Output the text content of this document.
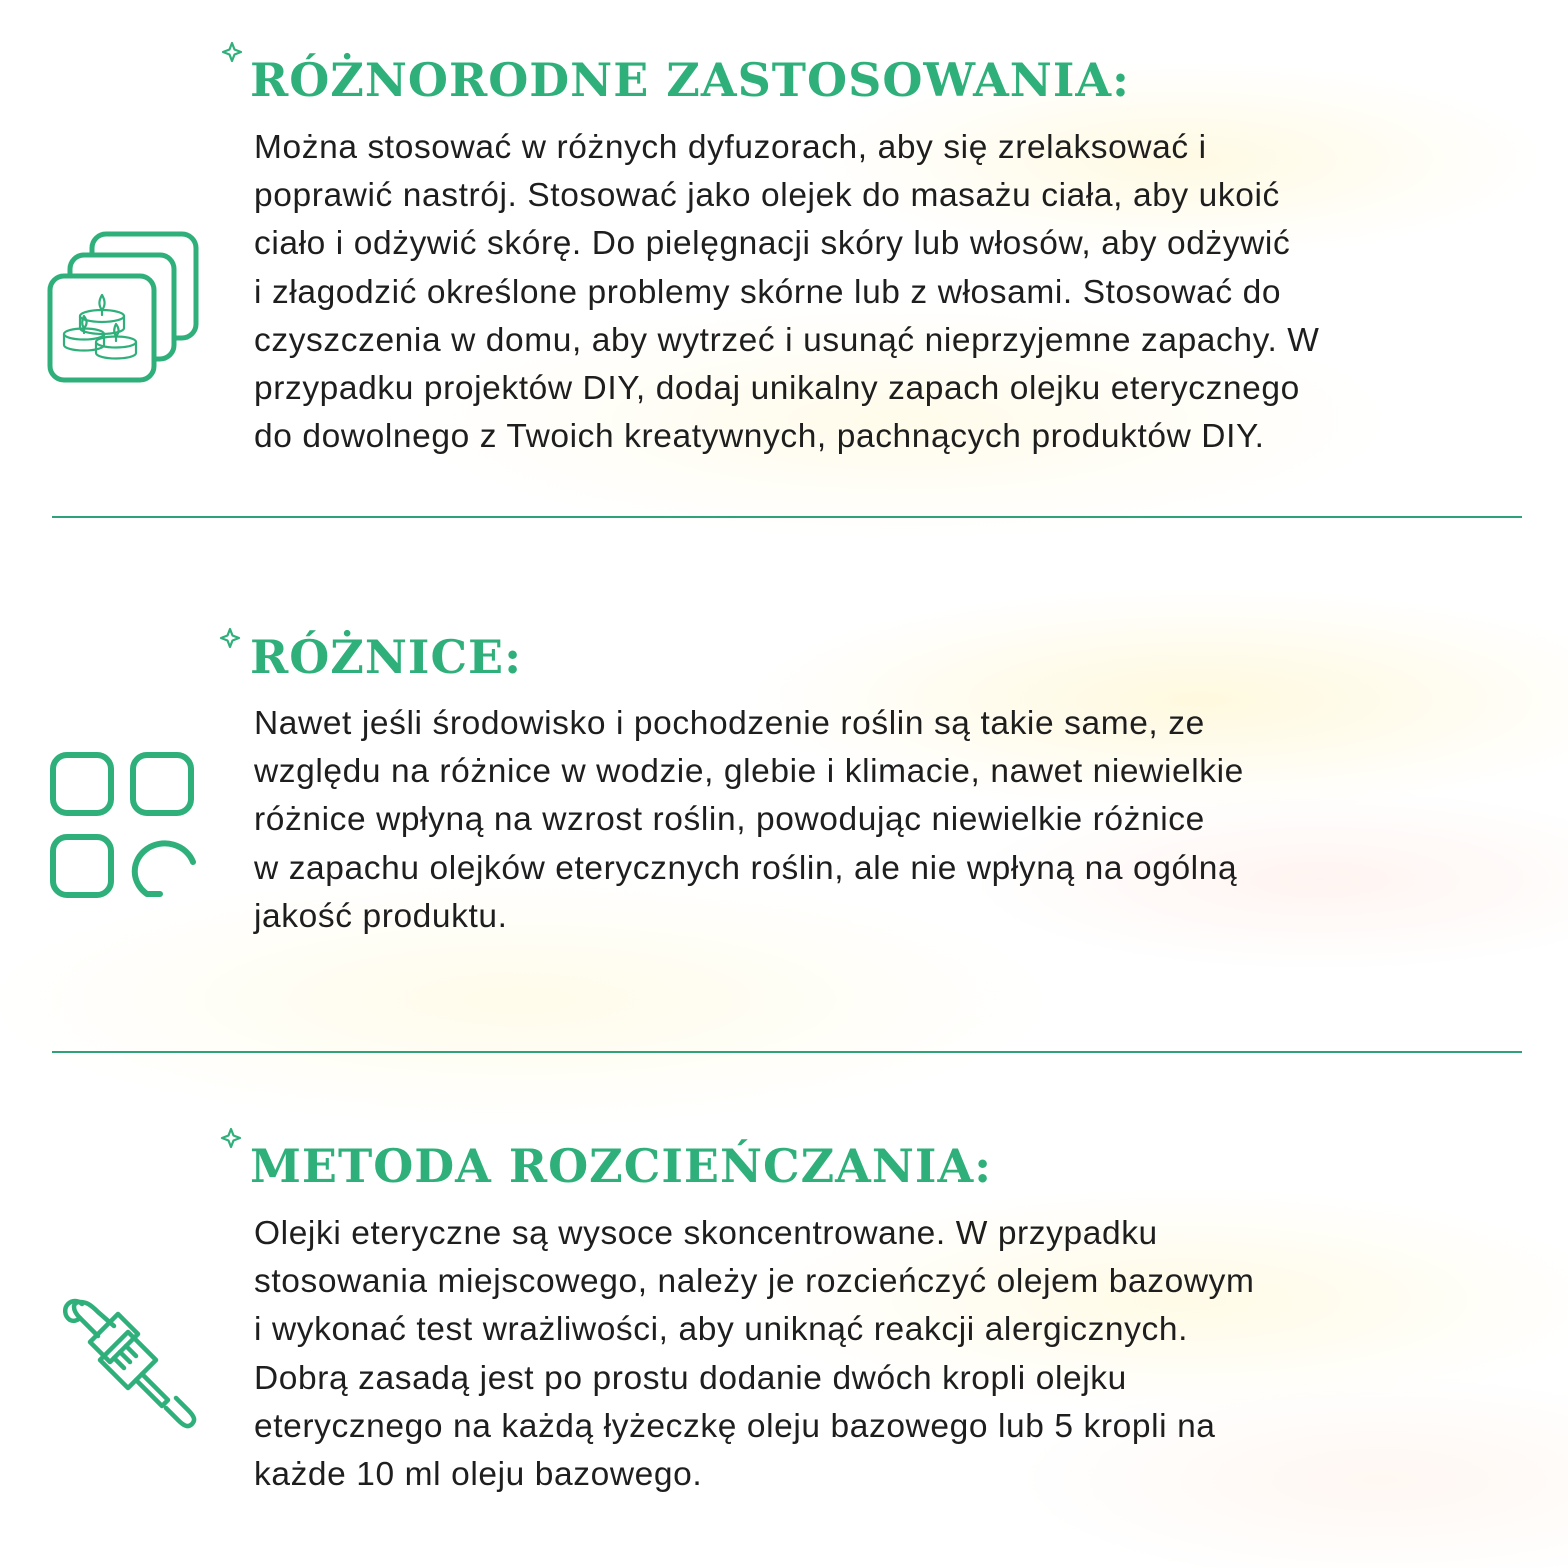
RÓŻNORODNE ZASTOSOWANIA:

Można stosować w różnych dyfuzorach, aby się zrelaksować i
poprawić nastrój. Stosować jako olejek do masażu ciała, aby ukoić
ciało i odżywić skórę. Do pielęgnacji skóry lub włosów, aby odżywić
i złagodzić określone problemy skórne lub z włosami. Stosować do
czyszczenia w domu, aby wytrzeć i usunąć nieprzyjemne zapachy. W
przypadku projektów DIY, dodaj unikalny zapach olejku eterycznego
do dowolnego z Twoich kreatywnych, pachnących produktów DIY.

RÓŻNICE:

Nawet jeśli środowisko i pochodzenie roślin są takie same, ze
względu na różnice w wodzie, glebie i klimacie, nawet niewielkie
różnice wpłyną na wzrost roślin, powodując niewielkie różnice
w zapachu olejków eterycznych roślin, ale nie wpłyną na ogólną
jakość produktu.

METODA ROZCIEŃCZANIA:

Olejki eteryczne są wysoce skoncentrowane. W przypadku
stosowania miejscowego, należy je rozcieńczyć olejem bazowym
i wykonać test wrażliwości, aby uniknąć reakcji alergicznych.
Dobrą zasadą jest po prostu dodanie dwóch kropli olejku
eterycznego na każdą łyżeczkę oleju bazowego lub 5 kropli na
każde 10 ml oleju bazowego.
